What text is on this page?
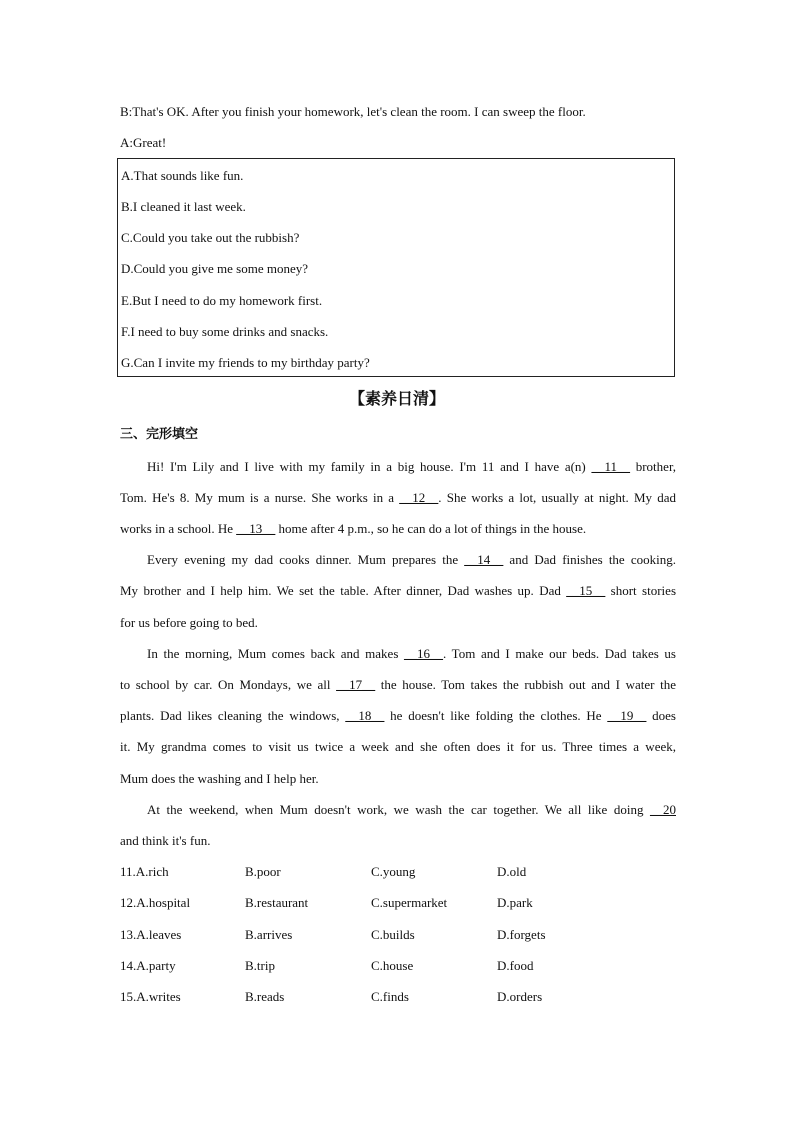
B:That's OK. After you finish your homework, let's clean the room. I can sweep the floor.
A:Great!
A.That sounds like fun.
B.I cleaned it last week.
C.Could you take out the rubbish?
D.Could you give me some money?
E.But I need to do my homework first.
F.I need to buy some drinks and snacks.
G.Can I invite my friends to my birthday party?
【素养日清】
三、完形填空
Hi! I'm Lily and I live with my family in a big house. I'm 11 and I have a(n) __11__ brother,
Tom. He's 8. My mum is a nurse. She works in a __12__. She works a lot, usually at night. My dad
works in a school. He __13__ home after 4 p.m., so he can do a lot of things in the house.
Every evening my dad cooks dinner. Mum prepares the __14__ and Dad finishes the cooking.
My brother and I help him. We set the table. After dinner, Dad washes up. Dad __15__ short stories
for us before going to bed.
In the morning, Mum comes back and makes __16__. Tom and I make our beds. Dad takes us
to school by car. On Mondays, we all __17__ the house. Tom takes the rubbish out and I water the
plants. Dad likes cleaning the windows, __18__ he doesn't like folding the clothes. He __19__ does
it. My grandma comes to visit us twice a week and she often does it for us. Three times a week,
Mum does the washing and I help her.
At the weekend, when Mum doesn't work, we wash the car together. We all like doing __20
and think it's fun.
11.A.rich	B.poor	C.young	D.old
12.A.hospital	B.restaurant	C.supermarket	D.park
13.A.leaves	B.arrives	C.builds	D.forgets
14.A.party	B.trip	C.house	D.food
15.A.writes	B.reads	C.finds	D.orders
